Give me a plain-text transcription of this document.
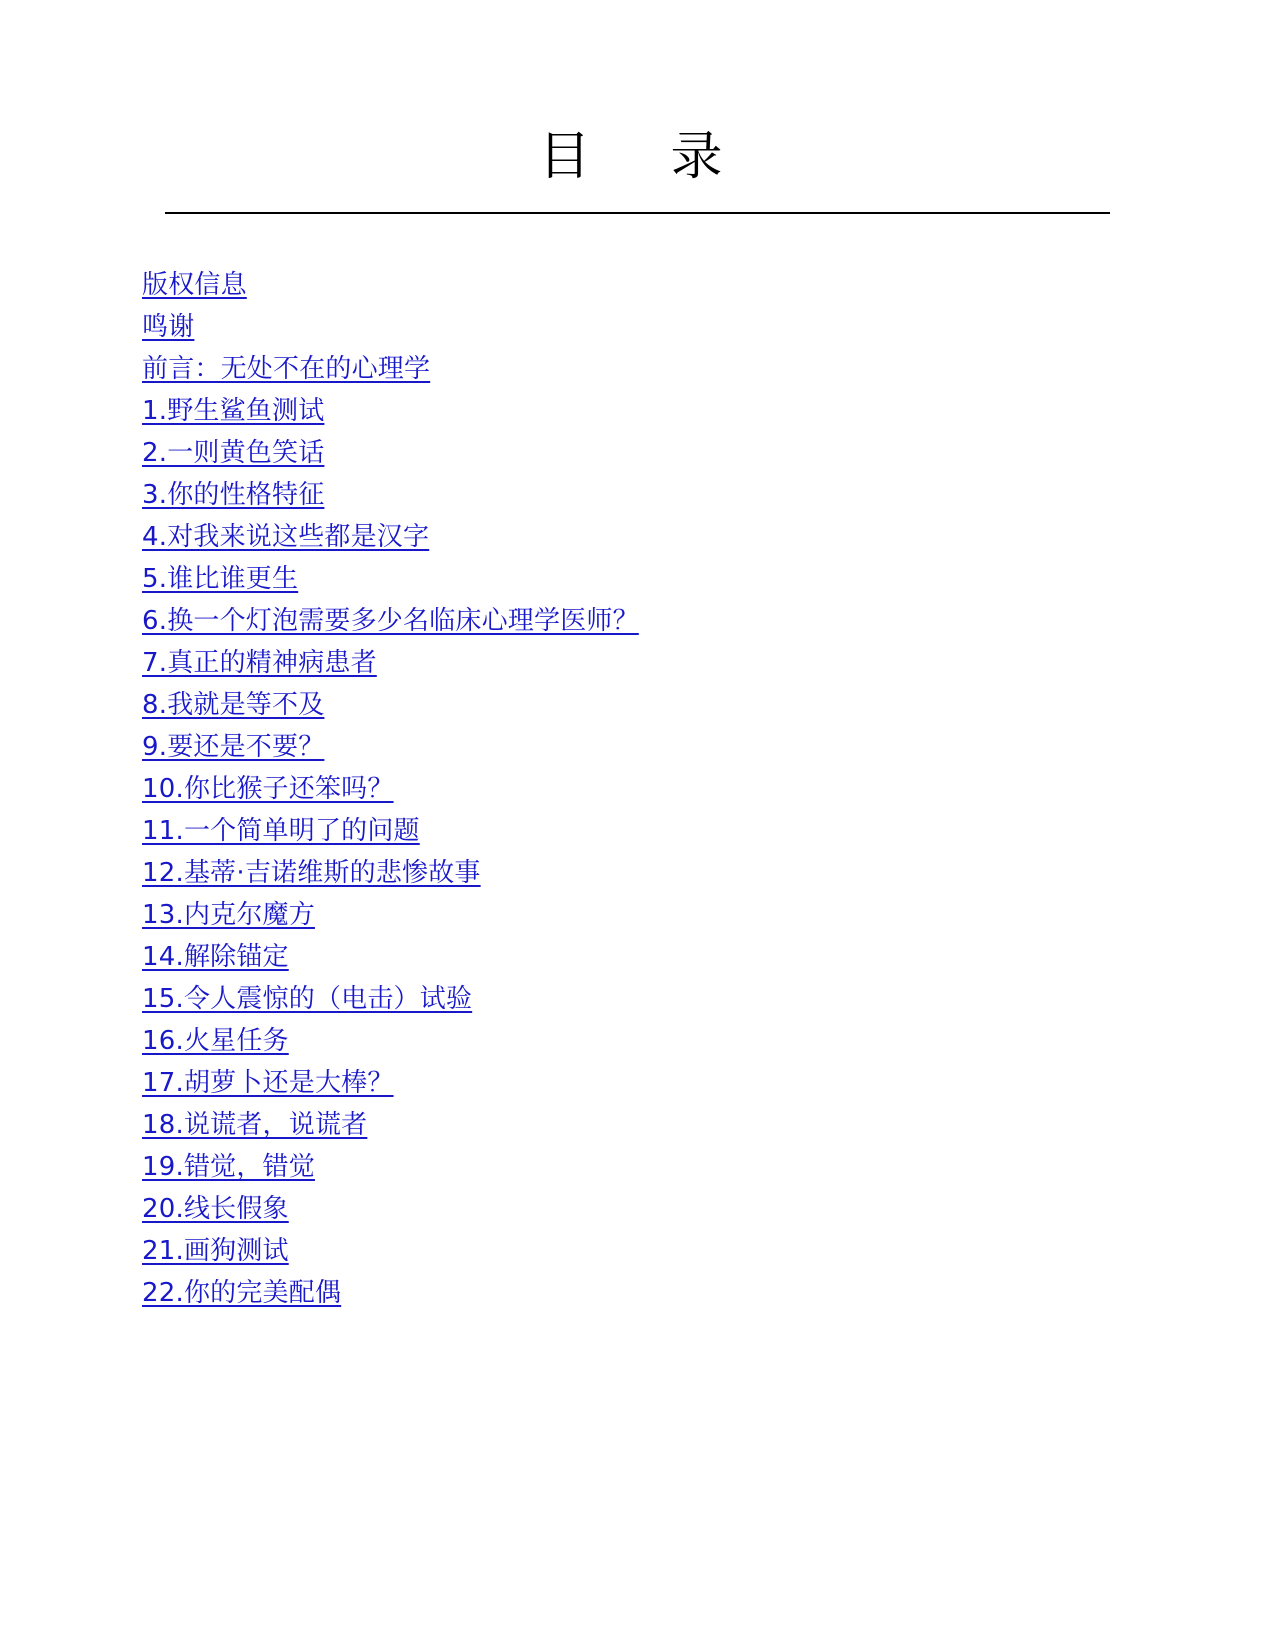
目　录
版权信息
鸣谢
前言：无处不在的心理学
1.野生鲨鱼测试
2.一则黄色笑话
3.你的性格特征
4.对我来说这些都是汉字
5.谁比谁更生
6.换一个灯泡需要多少名临床心理学医师？
7.真正的精神病患者
8.我就是等不及
9.要还是不要？
10.你比猴子还笨吗？
11.一个简单明了的问题
12.基蒂·吉诺维斯的悲惨故事
13.内克尔魔方
14.解除锚定
15.令人震惊的（电击）试验
16.火星任务
17.胡萝卜还是大棒？
18.说谎者，说谎者
19.错觉，错觉
20.线长假象
21.画狗测试
22.你的完美配偶
